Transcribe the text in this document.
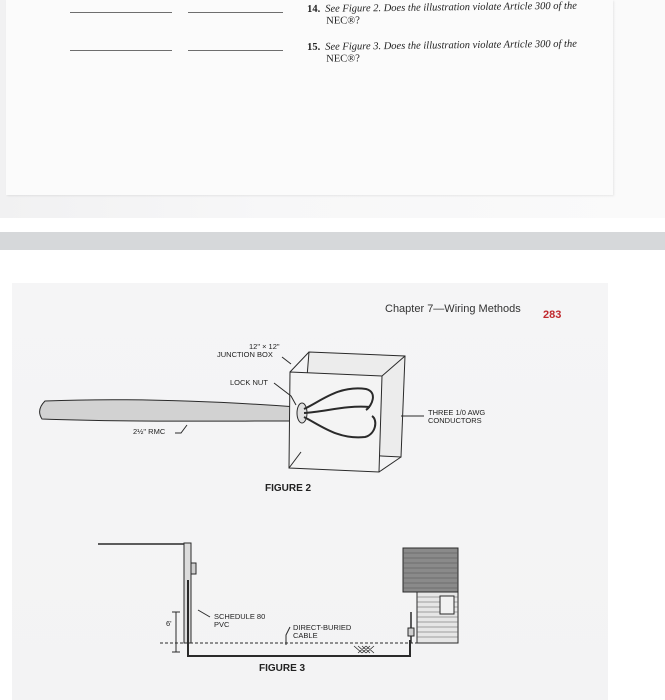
14. See Figure 2. Does the illustration violate Article 300 of the
NEC®?
15. See Figure 3. Does the illustration violate Article 300 of the
NEC®?
Chapter 7—Wiring Methods 283
12" × 12"
JUNCTION BOX
LOCK NUT
THREE 1/0 AWG
CONDUCTORS
2½" RMC
FIGURE 2
SCHEDULE 80
PVC	DIRECT-BURIED
CABLE
6'
FIGURE 3
